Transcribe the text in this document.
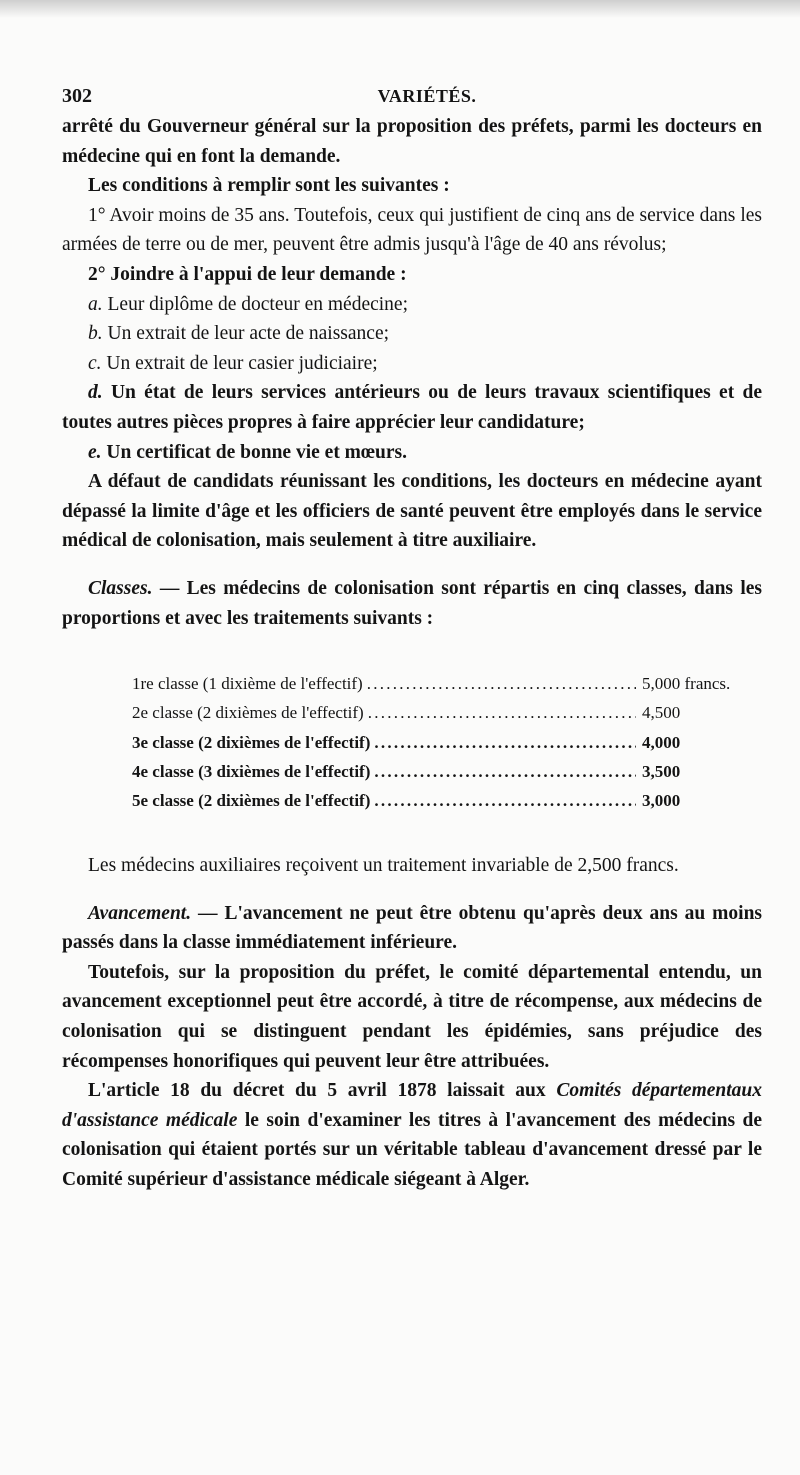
302	VARIÉTÉS.

arrêté du Gouverneur général sur la proposition des préfets, parmi les docteurs en médecine qui en font la demande.

Les conditions à remplir sont les suivantes :

1° Avoir moins de 35 ans. Toutefois, ceux qui justifient de cinq ans de service dans les armées de terre ou de mer, peuvent être admis jusqu'à l'âge de 40 ans révolus;

2° Joindre à l'appui de leur demande :

a. Leur diplôme de docteur en médecine;

b. Un extrait de leur acte de naissance;

c. Un extrait de leur casier judiciaire;

d. Un état de leurs services antérieurs ou de leurs travaux scientifiques et de toutes autres pièces propres à faire apprécier leur candidature;

e. Un certificat de bonne vie et mœurs.

A défaut de candidats réunissant les conditions, les docteurs en médecine ayant dépassé la limite d'âge et les officiers de santé peuvent être employés dans le service médical de colonisation, mais seulement à titre auxiliaire.

Classes. — Les médecins de colonisation sont répartis en cinq classes, dans les proportions et avec les traitements suivants :

1re classe (1 dixième de l'effectif) . . .	5,000 francs.
2e classe (2 dixièmes de l'effectif) . . .	4,500
3e classe (2 dixièmes de l'effectif) . . .	4,000
4e classe (3 dixièmes de l'effectif) . . .	3,500
5e classe (2 dixièmes de l'effectif) . . .	3,000

Les médecins auxiliaires reçoivent un traitement invariable de 2,500 francs.

Avancement. — L'avancement ne peut être obtenu qu'après deux ans au moins passés dans la classe immédiatement inférieure.

Toutefois, sur la proposition du préfet, le comité départemental entendu, un avancement exceptionnel peut être accordé, à titre de récompense, aux médecins de colonisation qui se distinguent pendant les épidémies, sans préjudice des récompenses honorifiques qui peuvent leur être attribuées.

L'article 18 du décret du 5 avril 1878 laissait aux Comités départementaux d'assistance médicale le soin d'examiner les titres à l'avancement des médecins de colonisation qui étaient portés sur un véritable tableau d'avancement dressé par le Comité supérieur d'assistance médicale siégeant à Alger.
